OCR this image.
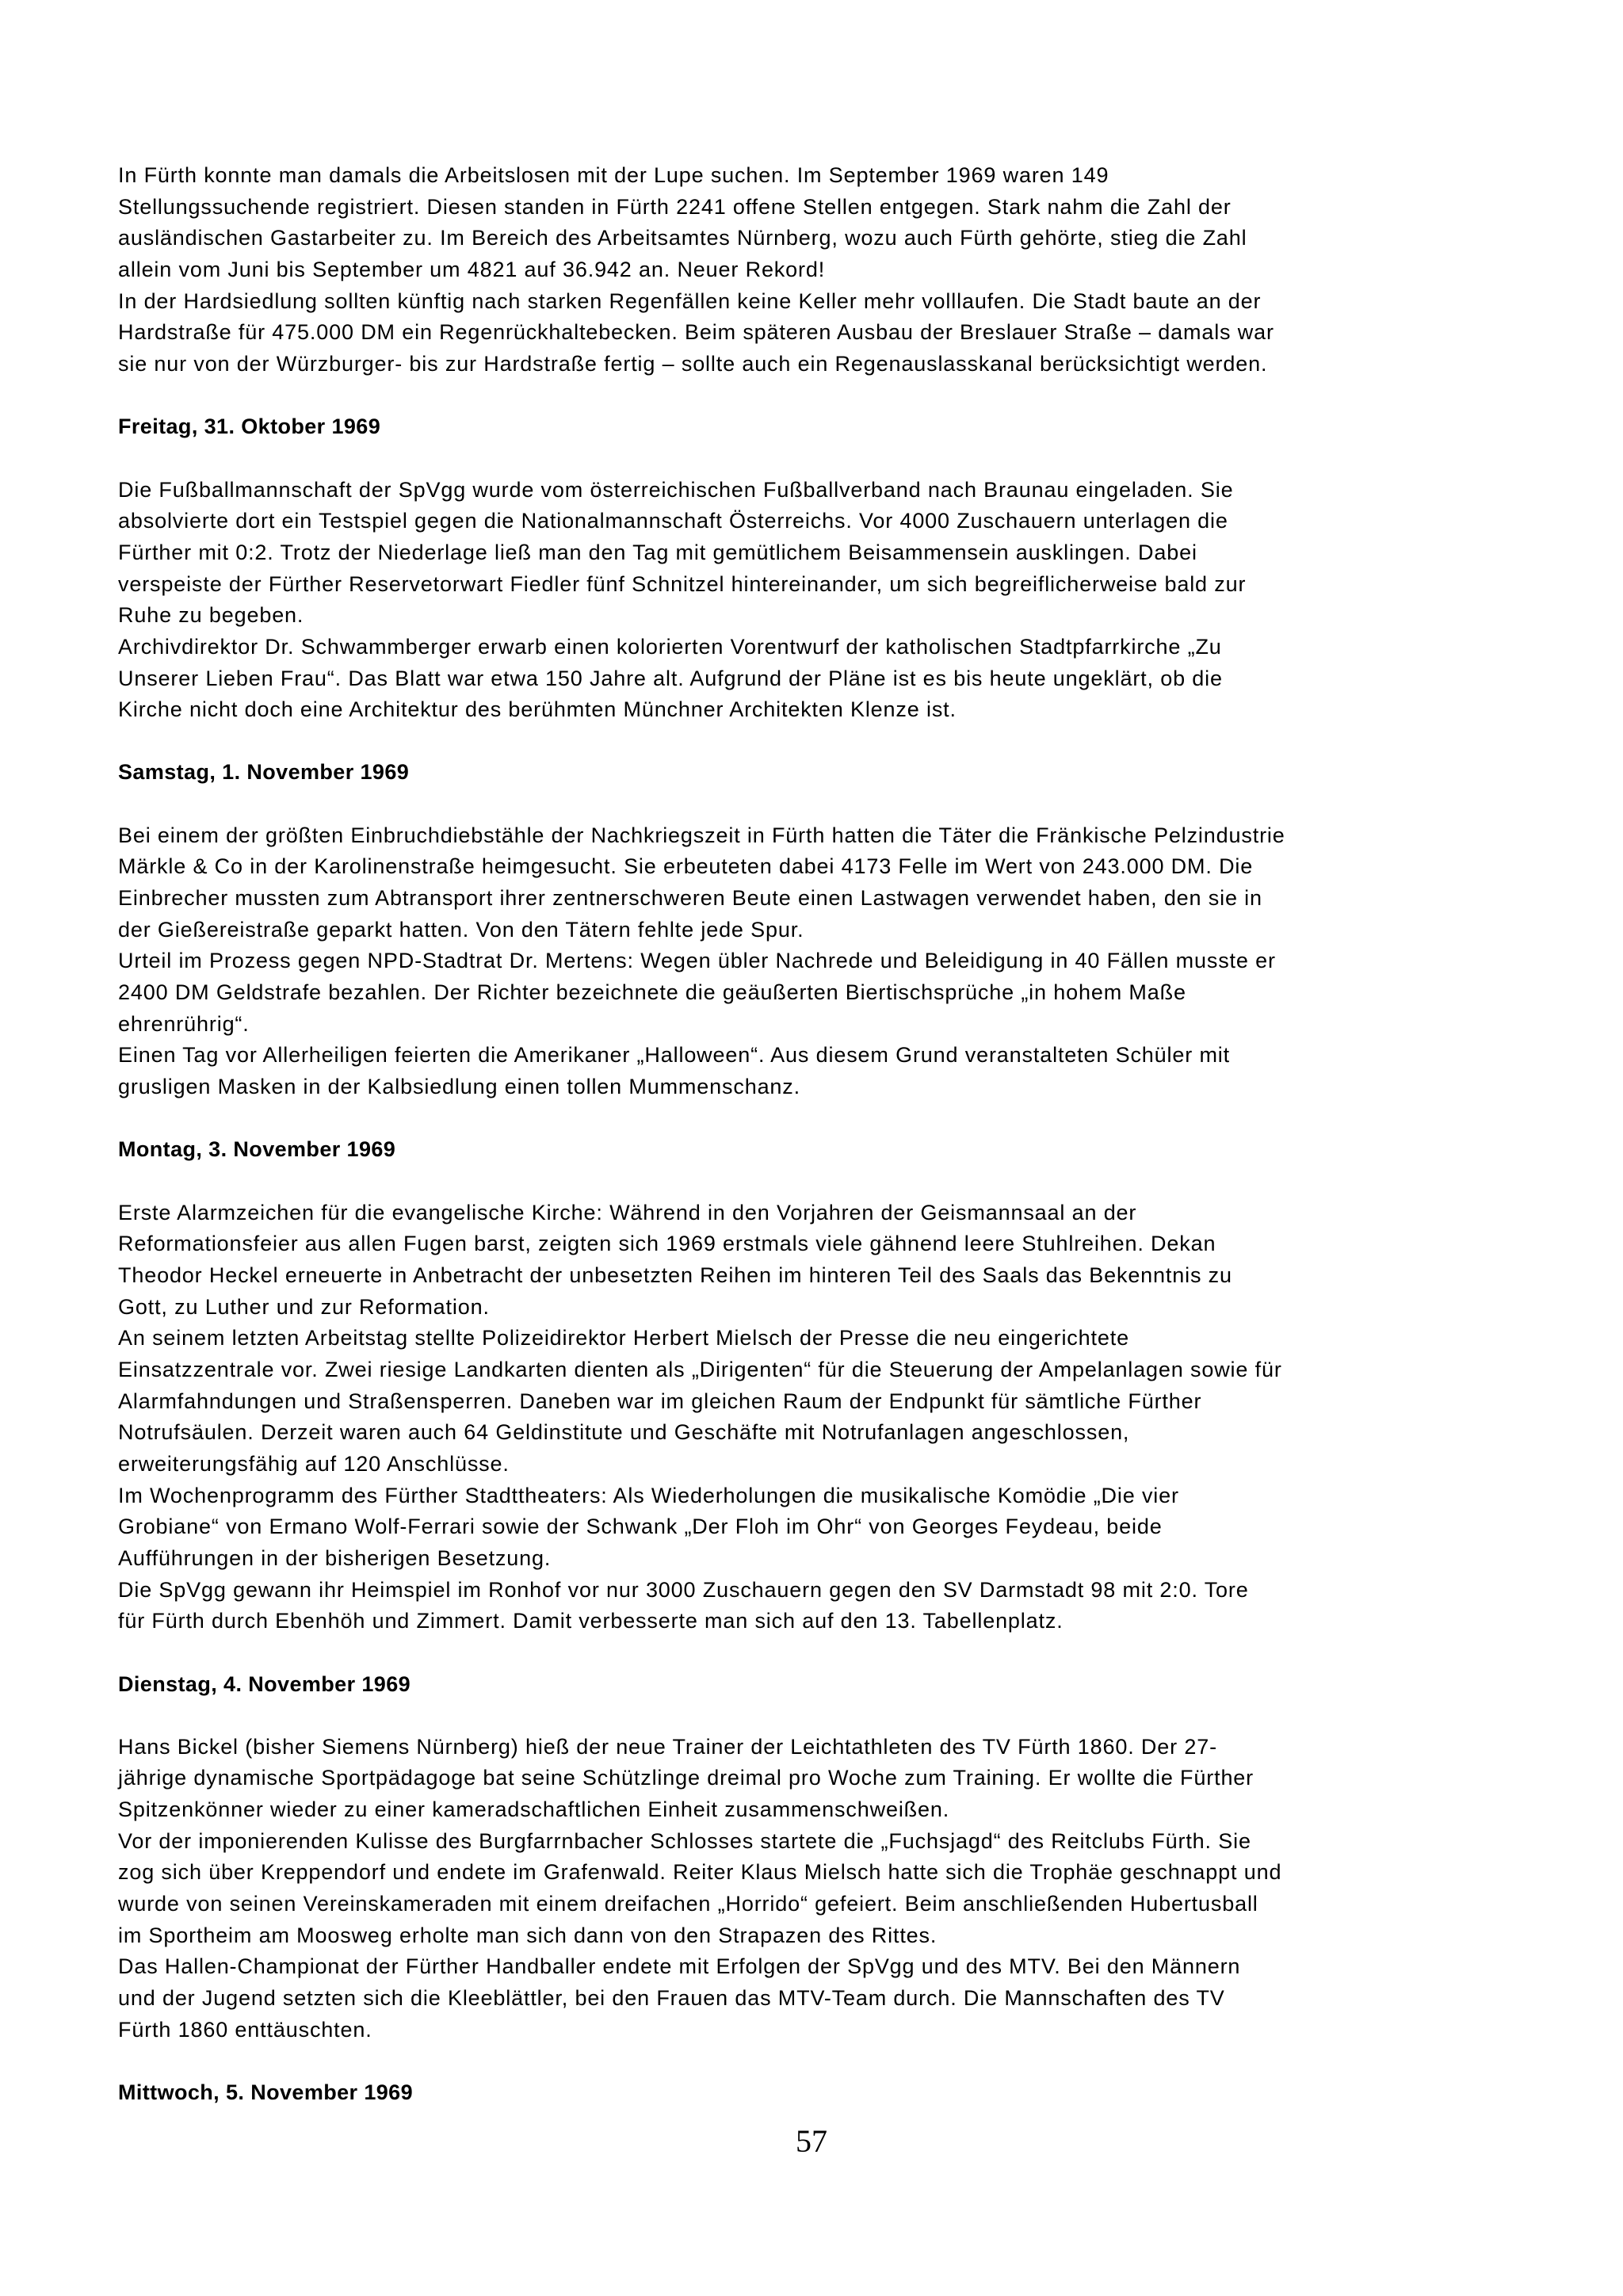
In Fürth konnte man damals die Arbeitslosen mit der Lupe suchen. Im September 1969 waren 149
Stellungssuchende registriert. Diesen standen in Fürth 2241 offene Stellen entgegen. Stark nahm die Zahl der
ausländischen Gastarbeiter zu. Im Bereich des Arbeitsamtes Nürnberg, wozu auch Fürth gehörte, stieg die Zahl
allein vom Juni bis September um 4821 auf 36.942 an. Neuer Rekord!
In der Hardsiedlung sollten künftig nach starken Regenfällen keine Keller mehr volllaufen. Die Stadt baute an der
Hardstraße für 475.000 DM ein Regenrückhaltebecken. Beim späteren Ausbau der Breslauer Straße – damals war
sie nur von der Würzburger- bis zur Hardstraße fertig – sollte auch ein Regenauslasskanal berücksichtigt werden.
Freitag, 31. Oktober 1969
Die Fußballmannschaft der SpVgg wurde vom österreichischen Fußballverband nach Braunau eingeladen. Sie
absolvierte dort ein Testspiel gegen die Nationalmannschaft Österreichs. Vor 4000 Zuschauern unterlagen die
Fürther mit 0:2. Trotz der Niederlage ließ man den Tag mit gemütlichem Beisammensein ausklingen. Dabei
verspeiste der Fürther Reservetorwart Fiedler fünf Schnitzel hintereinander, um sich begreiflicherweise bald zur
Ruhe zu begeben.
Archivdirektor Dr. Schwammberger erwarb einen kolorierten Vorentwurf der katholischen Stadtpfarrkirche „Zu
Unserer Lieben Frau“. Das Blatt war etwa 150 Jahre alt. Aufgrund der Pläne ist es bis heute ungeklärt, ob die
Kirche nicht doch eine Architektur des berühmten Münchner Architekten Klenze ist.
Samstag, 1. November 1969
Bei einem der größten Einbruchdiebstähle der Nachkriegszeit in Fürth hatten die Täter die Fränkische Pelzindustrie
Märkle & Co in der Karolinenstraße heimgesucht. Sie erbeuteten dabei 4173 Felle im Wert von 243.000 DM. Die
Einbrecher mussten zum Abtransport ihrer zentnerschweren Beute einen Lastwagen verwendet haben, den sie in
der Gießereistraße geparkt hatten. Von den Tätern fehlte jede Spur.
Urteil im Prozess gegen NPD-Stadtrat Dr. Mertens: Wegen übler Nachrede und Beleidigung in 40 Fällen musste er
2400 DM Geldstrafe bezahlen. Der Richter bezeichnete die geäußerten Biertischsprüche „in hohem Maße
ehrenrührig“.
Einen Tag vor Allerheiligen feierten die Amerikaner „Halloween“. Aus diesem Grund veranstalteten Schüler mit
grusligen Masken in der Kalbsiedlung einen tollen Mummenschanz.
Montag, 3. November 1969
Erste Alarmzeichen für die evangelische Kirche: Während in den Vorjahren der Geismannsaal an der
Reformationsfeier aus allen Fugen barst, zeigten sich 1969 erstmals viele gähnend leere Stuhlreihen. Dekan
Theodor Heckel erneuerte in Anbetracht der unbesetzten Reihen im hinteren Teil des Saals das Bekenntnis zu
Gott, zu Luther und zur Reformation.
An seinem letzten Arbeitstag stellte Polizeidirektor Herbert Mielsch der Presse die neu eingerichtete
Einsatzzentrale vor. Zwei riesige Landkarten dienten als „Dirigenten“ für die Steuerung der Ampelanlagen sowie für
Alarmfahndungen und Straßensperren. Daneben war im gleichen Raum der Endpunkt für sämtliche Fürther
Notrufsäulen. Derzeit waren auch 64 Geldinstitute und Geschäfte mit Notrufanlagen angeschlossen,
erweiterungsfähig auf 120 Anschlüsse.
Im Wochenprogramm des Fürther Stadttheaters: Als Wiederholungen die musikalische Komödie „Die vier
Grobiane“ von Ermano Wolf-Ferrari sowie der Schwank „Der Floh im Ohr“ von Georges Feydeau, beide
Aufführungen in der bisherigen Besetzung.
Die SpVgg gewann ihr Heimspiel im Ronhof vor nur 3000 Zuschauern gegen den SV Darmstadt 98 mit 2:0. Tore
für Fürth durch Ebenhöh und Zimmert. Damit verbesserte man sich auf den 13. Tabellenplatz.
Dienstag, 4. November 1969
Hans Bickel (bisher Siemens Nürnberg) hieß der neue Trainer der Leichtathleten des TV Fürth 1860. Der 27-
jährige dynamische Sportpädagoge bat seine Schützlinge dreimal pro Woche zum Training. Er wollte die Fürther
Spitzenkönner wieder zu einer kameradschaftlichen Einheit zusammenschweißen.
Vor der imponierenden Kulisse des Burgfarrnbacher Schlosses startete die „Fuchsjagd“ des Reitclubs Fürth. Sie
zog sich über Kreppendorf und endete im Grafenwald. Reiter Klaus Mielsch hatte sich die Trophäe geschnappt und
wurde von seinen Vereinskameraden mit einem dreifachen „Horrido“ gefeiert. Beim anschließenden Hubertusball
im Sportheim am Moosweg erholte man sich dann von den Strapazen des Rittes.
Das Hallen-Championat der Fürther Handballer endete mit Erfolgen der SpVgg und des MTV. Bei den Männern
und der Jugend setzten sich die Kleeblättler, bei den Frauen das MTV-Team durch. Die Mannschaften des TV
Fürth 1860 enttäuschten.
Mittwoch, 5. November 1969
57
